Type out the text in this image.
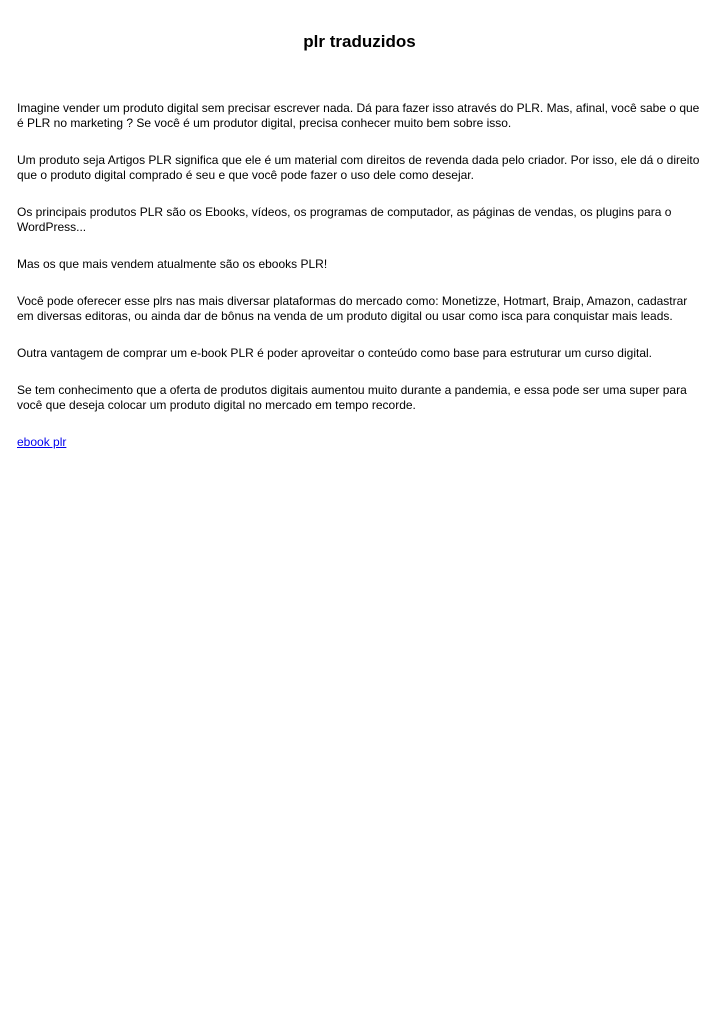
plr traduzidos

Imagine vender um produto digital sem precisar escrever nada. Dá para fazer isso através do PLR. Mas, afinal, você sabe o que é PLR no marketing ? Se você é um produtor digital, precisa conhecer muito bem sobre isso.

Um produto seja Artigos PLR significa que ele é um material com direitos de revenda dada pelo criador. Por isso, ele dá o direito que o produto digital comprado é seu e que você pode fazer o uso dele como desejar.

Os principais produtos PLR são os Ebooks, vídeos, os programas de computador, as páginas de vendas, os plugins para o WordPress...

Mas os que mais vendem atualmente são os ebooks PLR!

Você pode oferecer esse plrs nas mais diversar plataformas do mercado como: Monetizze, Hotmart, Braip, Amazon, cadastrar em diversas editoras, ou ainda dar de bônus na venda de um produto digital ou usar como isca para conquistar mais leads.

Outra vantagem de comprar um e-book PLR é poder aproveitar o conteúdo como base para estruturar um curso digital.

Se tem conhecimento que a oferta de produtos digitais aumentou muito durante a pandemia, e essa pode ser uma super para você que deseja colocar um produto digital no mercado em tempo recorde.

ebook plr
